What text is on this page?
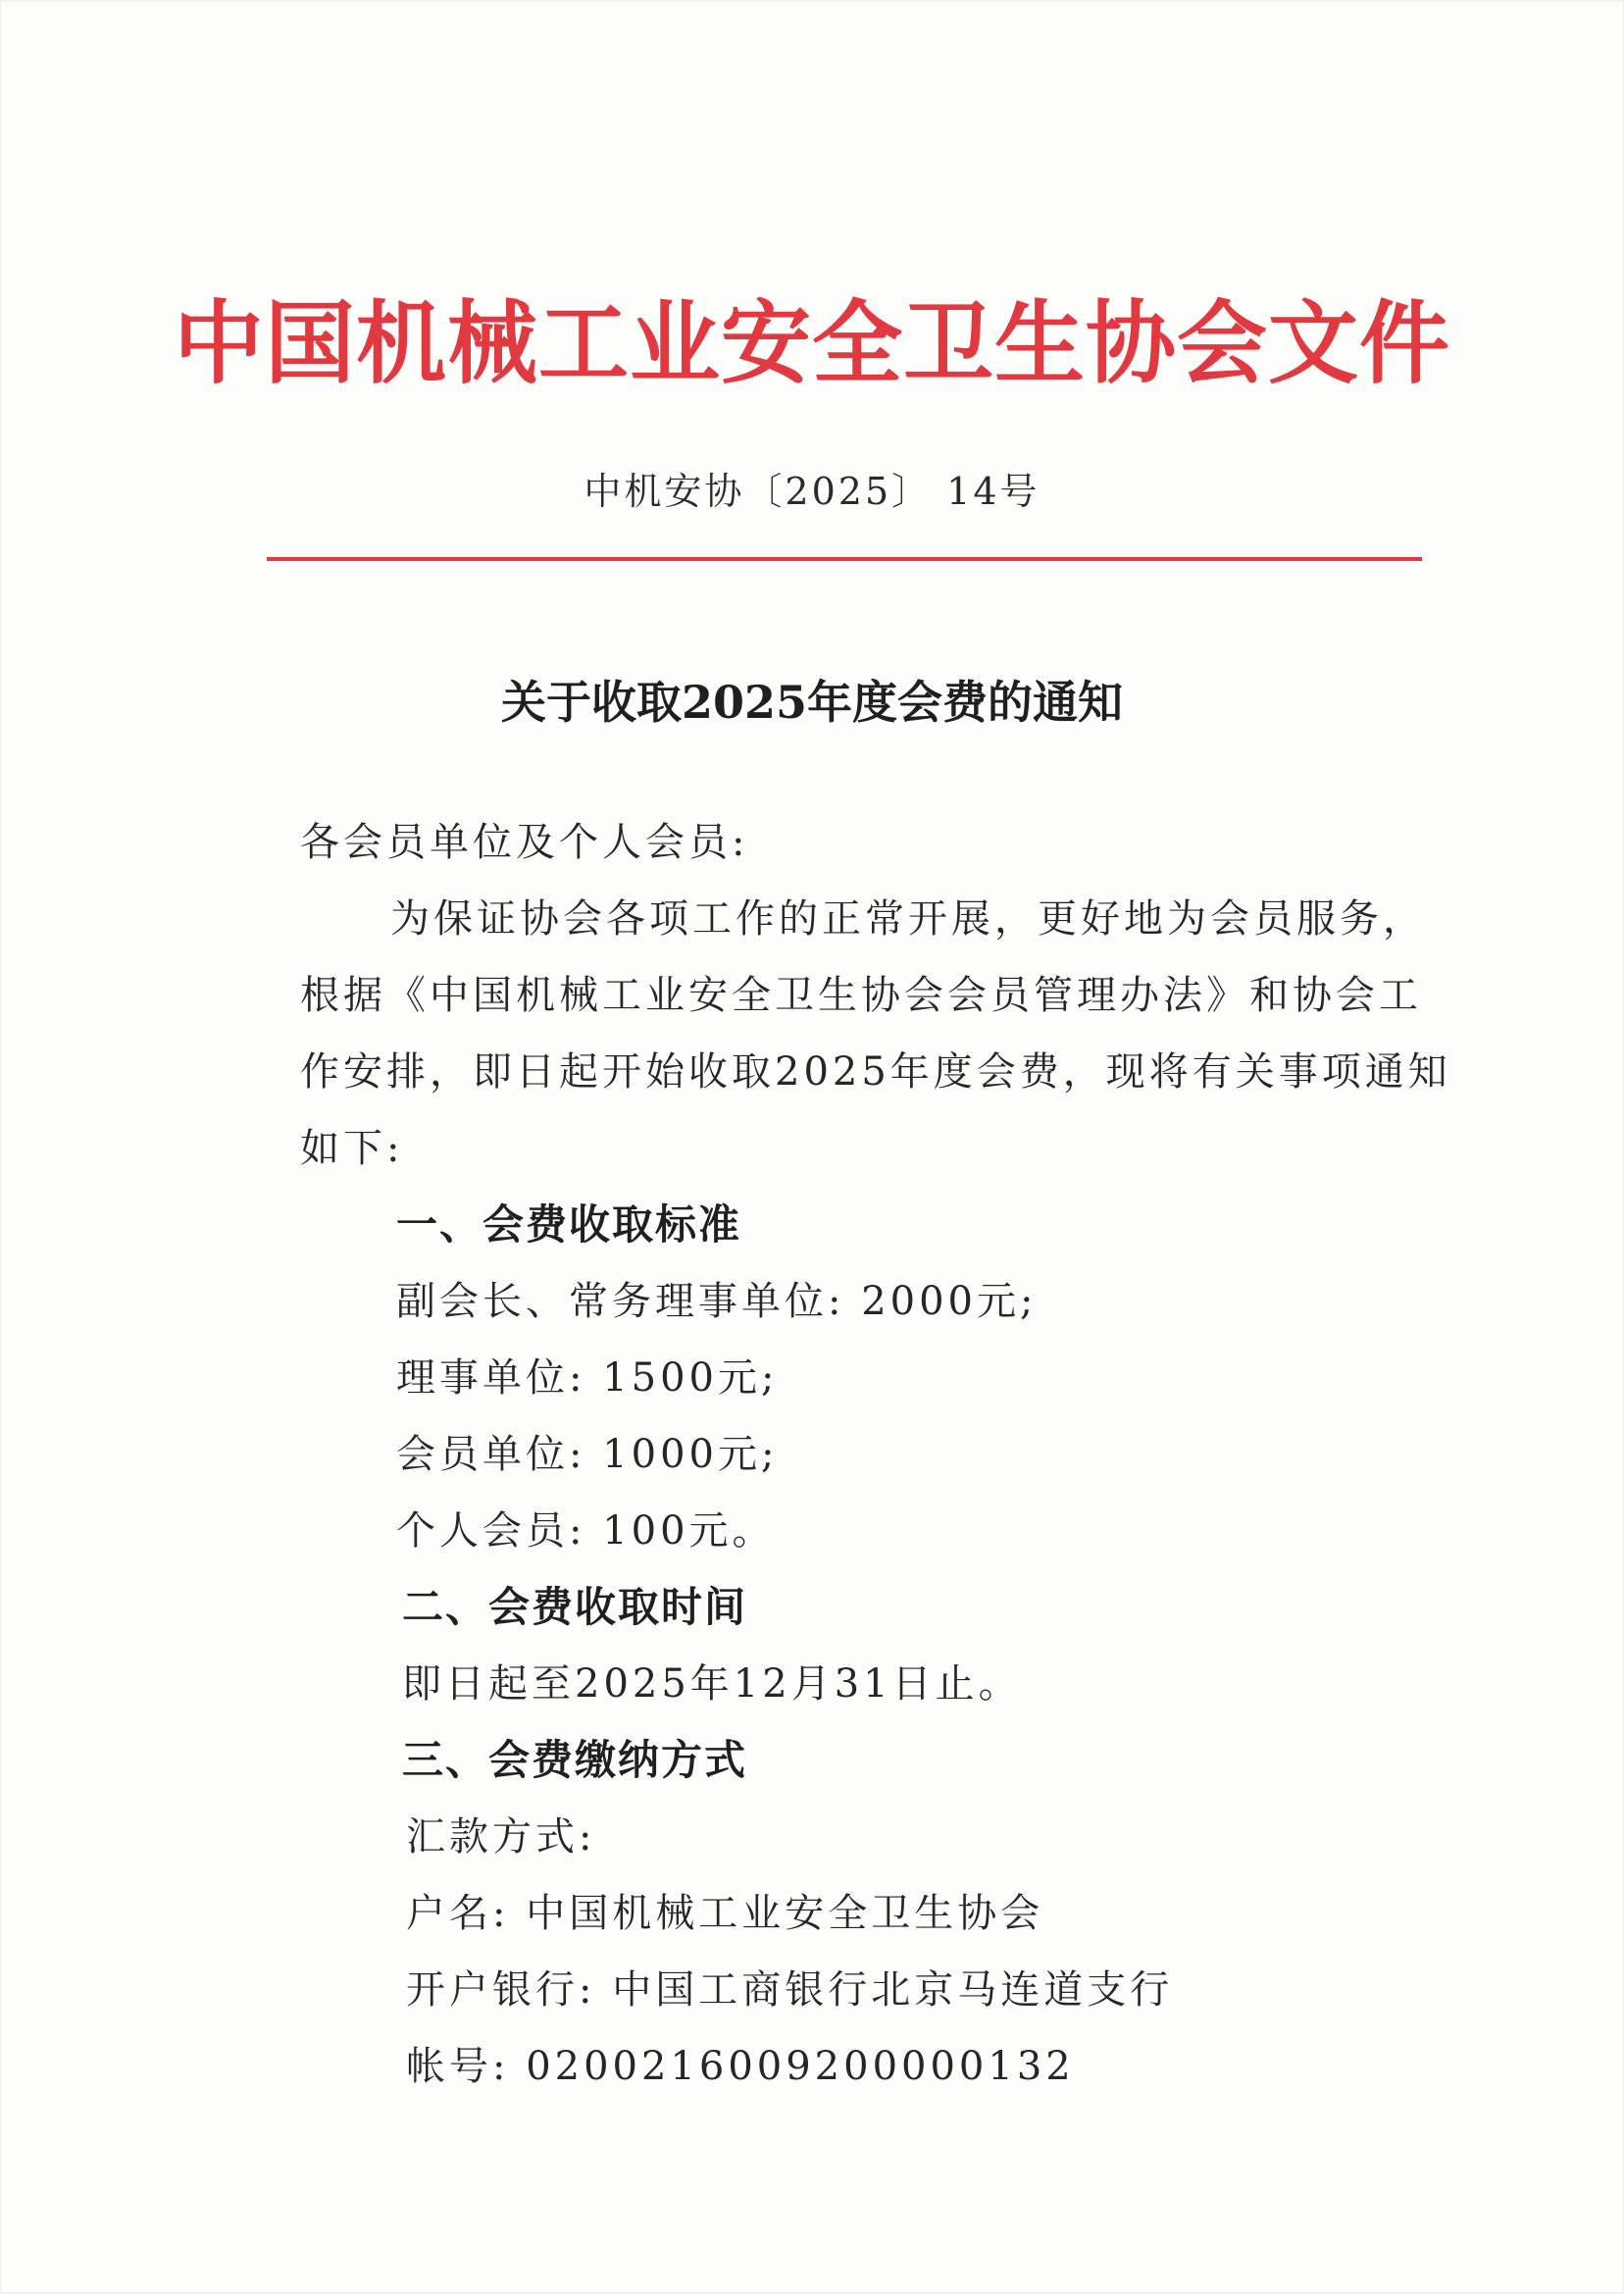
中国机械工业安全卫生协会文件
中机安协〔2025〕 14号
关于收取2025年度会费的通知
各会员单位及个人会员:
为保证协会各项工作的正常开展，更好地为会员服务，
根据《中国机械工业安全卫生协会会员管理办法》和协会工
作安排，即日起开始收取2025年度会费，现将有关事项通知
如下:
一、会费收取标准
副会长、常务理事单位: 2000元;
理事单位: 1500元;
会员单位: 1000元;
个人会员: 100元。
二、会费收取时间
即日起至2025年12月31日止。
三、会费缴纳方式
汇款方式:
户名: 中国机械工业安全卫生协会
开户银行: 中国工商银行北京马连道支行
帐号: 0200216009200000132
